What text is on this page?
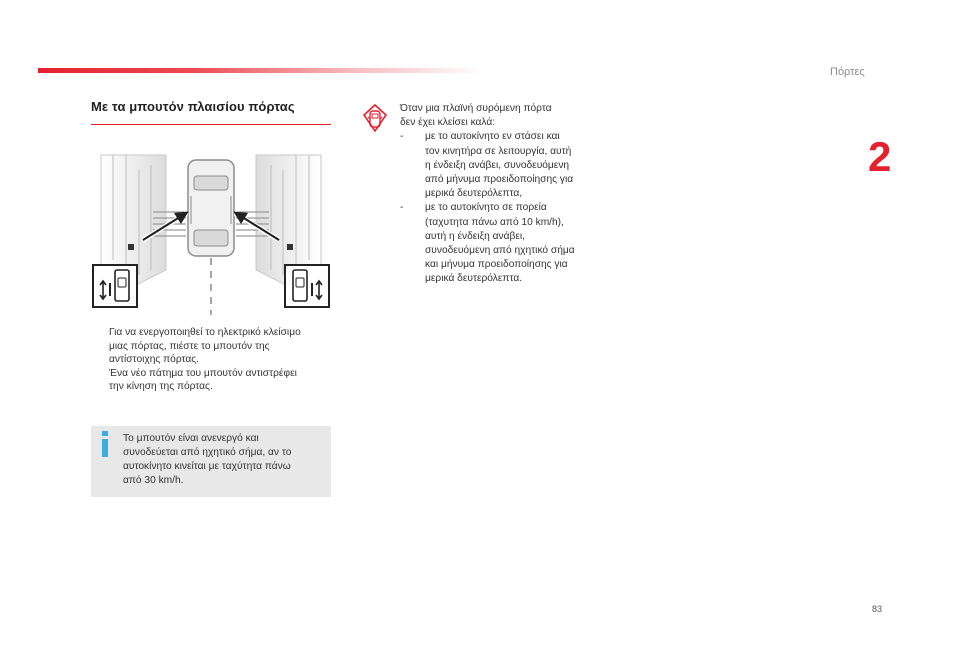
Πόρτες
2
Με τα μπουτόν πλαισίου πόρτας
Για να ενεργοποιηθεί το ηλεκτρικό κλείσιμο
μιας πόρτας, πιέστε το μπουτόν της
αντίστοιχης πόρτας.
Ένα νέο πάτημα του μπουτόν αντιστρέφει
την κίνηση της πόρτας.
Το μπουτόν είναι ανενεργό και
συνοδεύεται από ηχητικό σήμα, αν το
αυτοκίνητο κινείται με ταχύτητα πάνω
από 30 km/h.
Όταν μια πλαϊνή συρόμενη πόρτα
δεν έχει κλείσει καλά:
-	με το αυτοκίνητο εν στάσει και
τον κινητήρα σε λειτουργία, αυτή
η ένδειξη ανάβει, συνοδευόμενη
από μήνυμα προειδοποίησης για
μερικά δευτερόλεπτα,
-	με το αυτοκίνητο σε πορεία
(ταχυτητα πάνω από 10 km/h),
αυτή η ένδειξη ανάβει,
συνοδευόμενη από ηχητικό σήμα
και μήνυμα προειδοποίησης για
μερικά δευτερόλεπτα.
83
